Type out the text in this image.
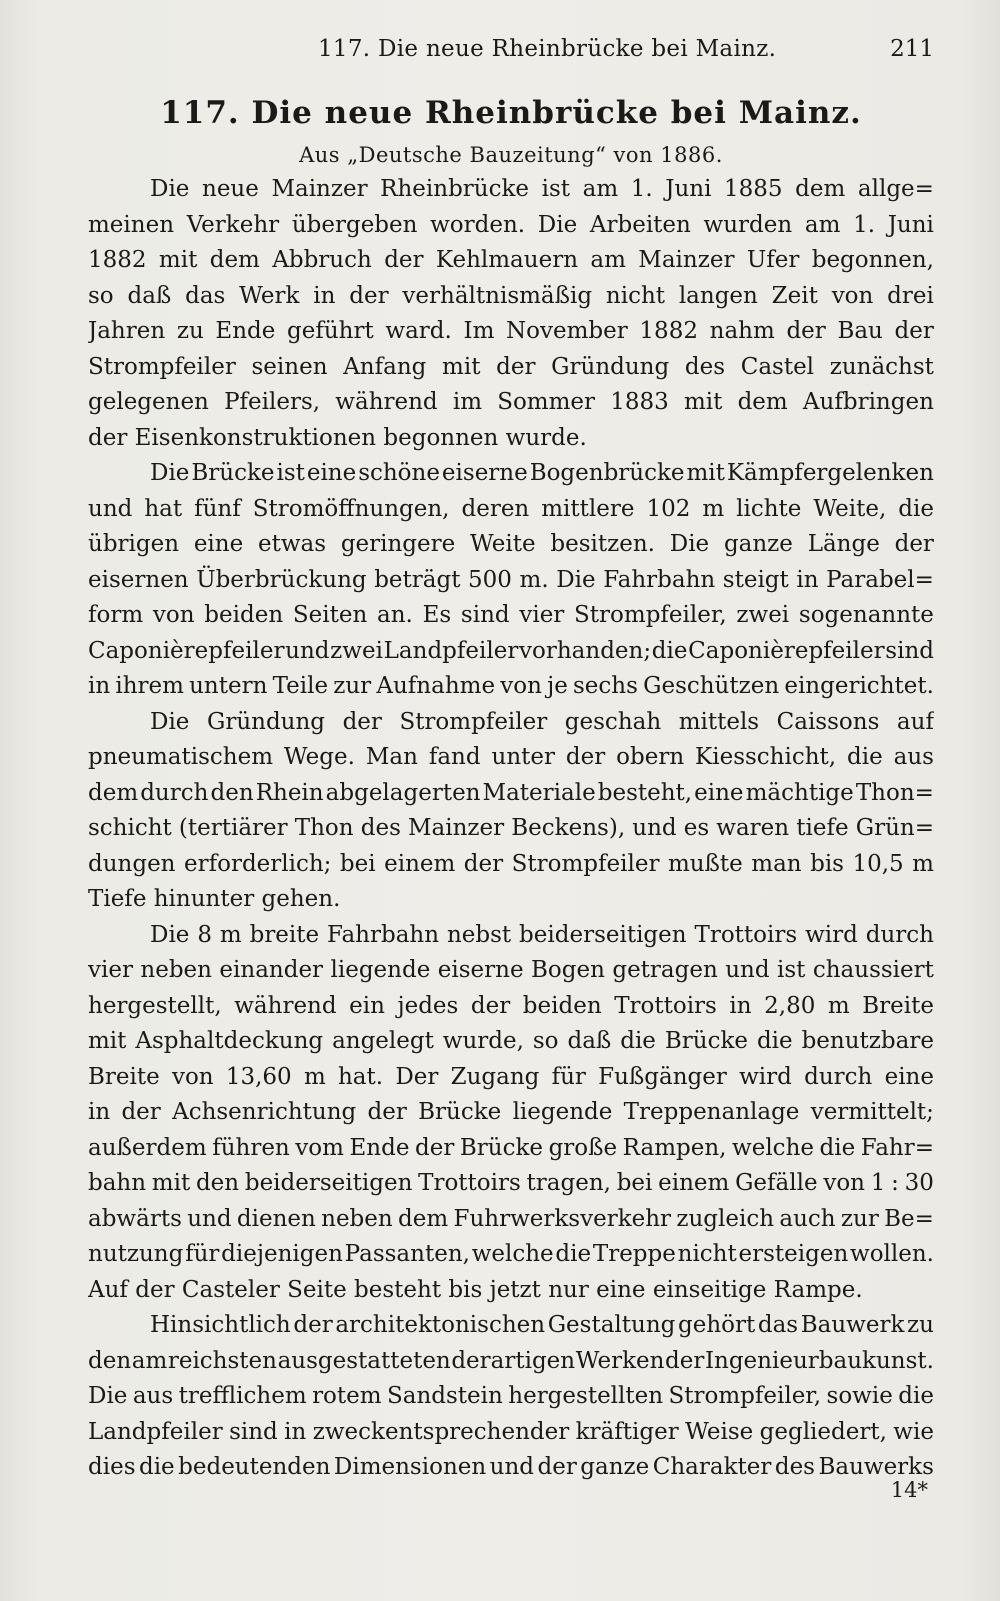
117. Die neue Rheinbrücke bei Mainz.	211
117. Die neue Rheinbrücke bei Mainz.
Aus „Deutsche Bauzeitung“ von 1886.
Die neue Mainzer Rheinbrücke ist am 1. Juni 1885 dem allge=
meinen Verkehr übergeben worden. Die Arbeiten wurden am 1. Juni
1882 mit dem Abbruch der Kehlmauern am Mainzer Ufer begonnen,
so daß das Werk in der verhältnismäßig nicht langen Zeit von drei
Jahren zu Ende geführt ward. Im November 1882 nahm der Bau der
Strompfeiler seinen Anfang mit der Gründung des Castel zunächst
gelegenen Pfeilers, während im Sommer 1883 mit dem Aufbringen
der Eisenkonstruktionen begonnen wurde.
Die Brücke ist eine schöne eiserne Bogenbrücke mit Kämpfergelenken
und hat fünf Stromöffnungen, deren mittlere 102 m lichte Weite, die
übrigen eine etwas geringere Weite besitzen. Die ganze Länge der
eisernen Überbrückung beträgt 500 m. Die Fahrbahn steigt in Parabel=
form von beiden Seiten an. Es sind vier Strompfeiler, zwei sogenannte
Caponièrepfeiler und zwei Landpfeiler vorhanden; die Caponièrepfeiler sind
in ihrem untern Teile zur Aufnahme von je sechs Geschützen eingerichtet.
Die Gründung der Strompfeiler geschah mittels Caissons auf
pneumatischem Wege. Man fand unter der obern Kiesschicht, die aus
dem durch den Rhein abgelagerten Materiale besteht, eine mächtige Thon=
schicht (tertiärer Thon des Mainzer Beckens), und es waren tiefe Grün=
dungen erforderlich; bei einem der Strompfeiler mußte man bis 10,5 m
Tiefe hinunter gehen.
Die 8 m breite Fahrbahn nebst beiderseitigen Trottoirs wird durch
vier neben einander liegende eiserne Bogen getragen und ist chaussiert
hergestellt, während ein jedes der beiden Trottoirs in 2,80 m Breite
mit Asphaltdeckung angelegt wurde, so daß die Brücke die benutzbare
Breite von 13,60 m hat. Der Zugang für Fußgänger wird durch eine
in der Achsenrichtung der Brücke liegende Treppenanlage vermittelt;
außerdem führen vom Ende der Brücke große Rampen, welche die Fahr=
bahn mit den beiderseitigen Trottoirs tragen, bei einem Gefälle von 1 : 30
abwärts und dienen neben dem Fuhrwerksverkehr zugleich auch zur Be=
nutzung für diejenigen Passanten, welche die Treppe nicht ersteigen wollen.
Auf der Casteler Seite besteht bis jetzt nur eine einseitige Rampe.
Hinsichtlich der architektonischen Gestaltung gehört das Bauwerk zu
den am reichsten ausgestatteten derartigen Werken der Ingenieurbaukunst.
Die aus trefflichem rotem Sandstein hergestellten Strompfeiler, sowie die
Landpfeiler sind in zweckentsprechender kräftiger Weise gegliedert, wie
dies die bedeutenden Dimensionen und der ganze Charakter des Bauwerks
14*
